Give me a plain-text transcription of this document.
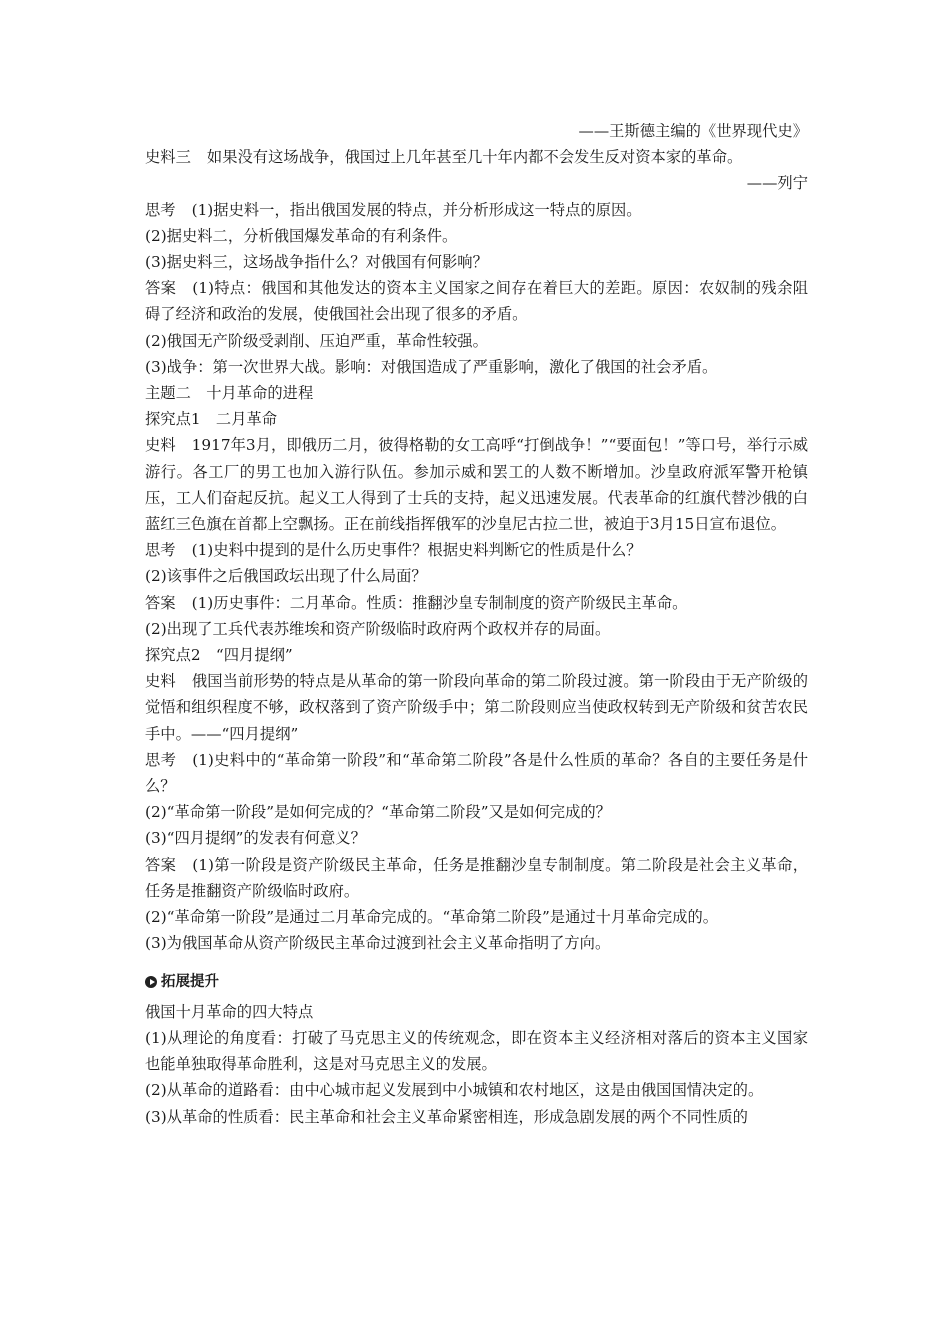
——王斯德主编的《世界现代史》

史料三 如果没有这场战争，俄国过上几年甚至几十年内都不会发生反对资本家的革命。

——列宁

思考 (1)据史料一，指出俄国发展的特点，并分析形成这一特点的原因。

(2)据史料二，分析俄国爆发革命的有利条件。

(3)据史料三，这场战争指什么？对俄国有何影响？

答案 (1)特点：俄国和其他发达的资本主义国家之间存在着巨大的差距。原因：农奴制的残余阻碍了经济和政治的发展，使俄国社会出现了很多的矛盾。

(2)俄国无产阶级受剥削、压迫严重，革命性较强。

(3)战争：第一次世界大战。影响：对俄国造成了严重影响，激化了俄国的社会矛盾。

主题二　十月革命的进程

探究点1　二月革命

史料 1917年3月，即俄历二月，彼得格勒的女工高呼“打倒战争！”“要面包！”等口号，举行示威游行。各工厂的男工也加入游行队伍。参加示威和罢工的人数不断增加。沙皇政府派军警开枪镇压，工人们奋起反抗。起义工人得到了士兵的支持，起义迅速发展。代表革命的红旗代替沙俄的白蓝红三色旗在首都上空飘扬。正在前线指挥俄军的沙皇尼古拉二世，被迫于3月15日宣布退位。

思考 (1)史料中提到的是什么历史事件？根据史料判断它的性质是什么？

(2)该事件之后俄国政坛出现了什么局面？

答案 (1)历史事件：二月革命。性质：推翻沙皇专制制度的资产阶级民主革命。

(2)出现了工兵代表苏维埃和资产阶级临时政府两个政权并存的局面。

探究点2　“四月提纲”

史料 俄国当前形势的特点是从革命的第一阶段向革命的第二阶段过渡。第一阶段由于无产阶级的觉悟和组织程度不够，政权落到了资产阶级手中；第二阶段则应当使政权转到无产阶级和贫苦农民手中。——“四月提纲”

思考 (1)史料中的“革命第一阶段”和“革命第二阶段”各是什么性质的革命？各自的主要任务是什么？

(2)“革命第一阶段”是如何完成的？“革命第二阶段”又是如何完成的？

(3)“四月提纲”的发表有何意义？

答案 (1)第一阶段是资产阶级民主革命，任务是推翻沙皇专制制度。第二阶段是社会主义革命，任务是推翻资产阶级临时政府。

(2)“革命第一阶段”是通过二月革命完成的。“革命第二阶段”是通过十月革命完成的。

(3)为俄国革命从资产阶级民主革命过渡到社会主义革命指明了方向。

拓展提升

俄国十月革命的四大特点

(1)从理论的角度看：打破了马克思主义的传统观念，即在资本主义经济相对落后的资本主义国家也能单独取得革命胜利，这是对马克思主义的发展。

(2)从革命的道路看：由中心城市起义发展到中小城镇和农村地区，这是由俄国国情决定的。

(3)从革命的性质看：民主革命和社会主义革命紧密相连，形成急剧发展的两个不同性质的
